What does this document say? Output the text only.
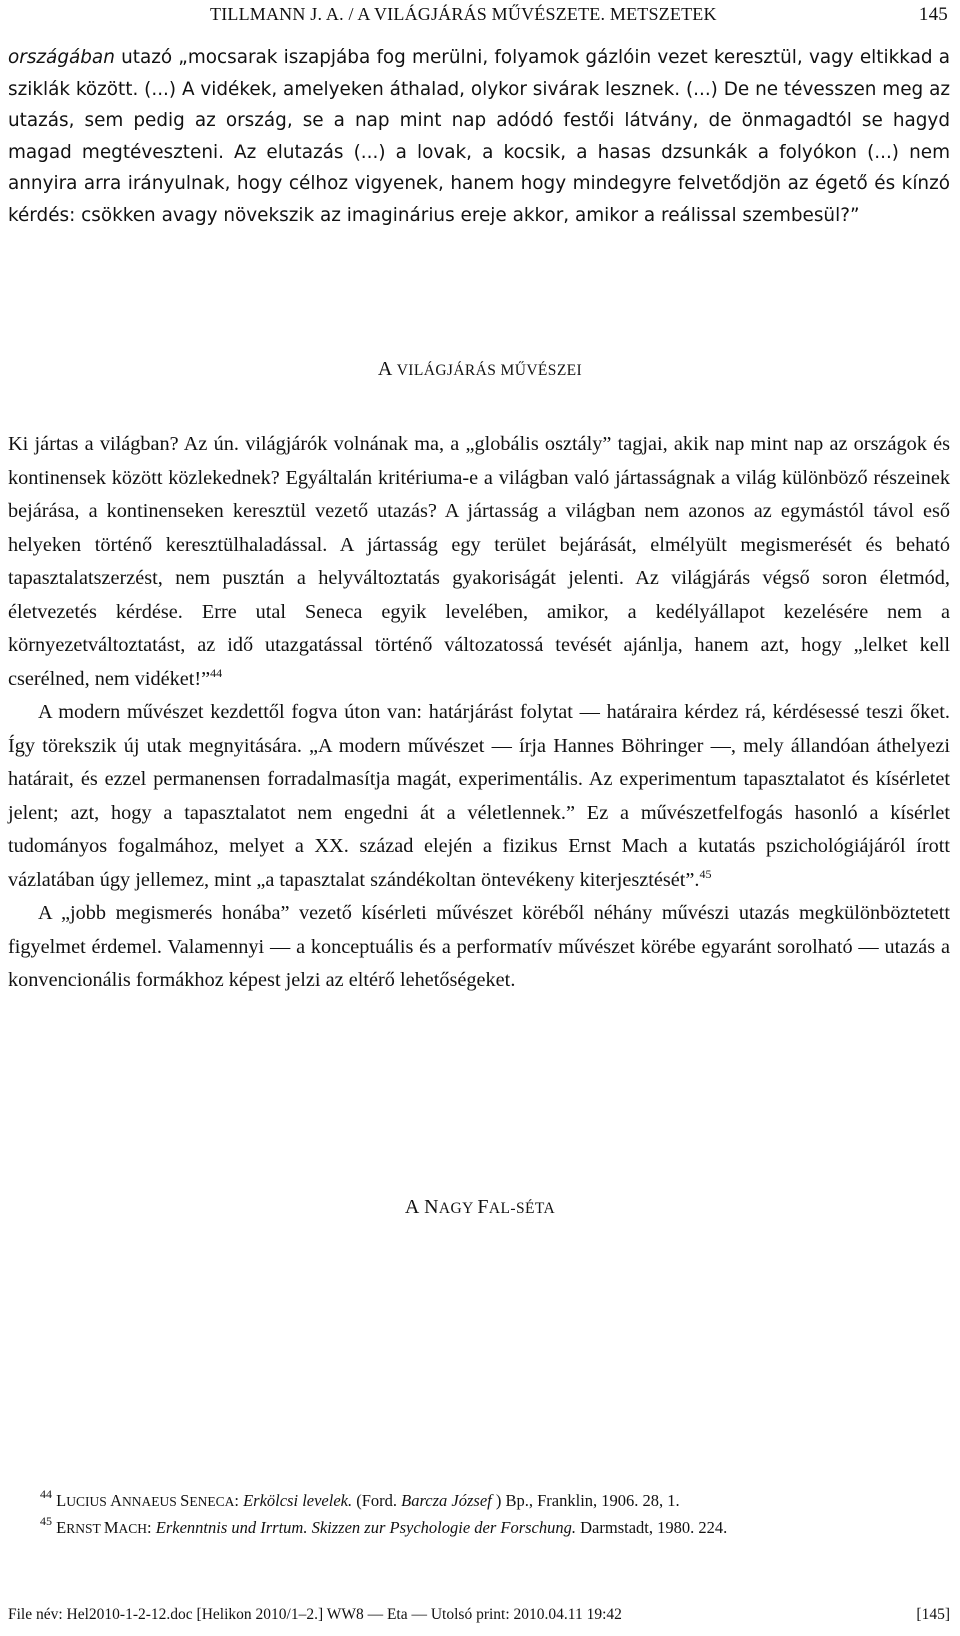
TILLMANN J. A. / A VILÁGJÁRÁS MŰVÉSZETE. METSZETEK	145
országában utazó „mocsarak iszapjába fog merülni, folyamok gázlóin vezet keresztül, vagy eltikkad a sziklák között. (...) A vidékek, amelyeken áthalad, olykor sivárak lesznek. (...) De ne tévesszen meg az utazás, sem pedig az ország, se a nap mint nap adódó festői látvány, de önmagadtól se hagyd magad megtéveszteni. Az elutazás (...) a lovak, a kocsik, a hasas dzsunkák a folyókon (...) nem annyira arra irányulnak, hogy célhoz vigyenek, hanem hogy mindegyre felvetődjön az égető és kínzó kérdés: csökken avagy növekszik az imaginárius ereje akkor, amikor a reálissal szembesül?”
A VILÁGJÁRÁS MŰVÉSZEI

Ki jártas a világban? Az ún. világjárók volnának ma, a „globális osztály” tagjai, akik nap mint nap az országok és kontinensek között közlekednek? Egyáltalán kritériuma-e a világban való jártasságnak a világ különböző részeinek bejárása, a kontinenseken keresztül vezető utazás? A jártasság a világban nem azonos az egymástól távol eső helyeken történő keresztülhaladással. A jártasság egy terület bejárását, elmélyült megismerését és beható tapasztalatszerzést, nem pusztán a helyváltoztatás gyakoriságát jelenti. Az világjárás végső soron életmód, életvezetés kérdése. Erre utal Seneca egyik levelében, amikor, a kedélyállapot kezelésére nem a környezetváltoztatást, az idő utazgatással történő változatossá tevését ajánlja, hanem azt, hogy „lelket kell cserélned, nem vidéket!”$^{44}$

A modern művészet kezdettől fogva úton van: határjárást folytat — határaira kérdez rá, kérdésessé teszi őket. Így törekszik új utak megnyitására. „A modern művészet — írja Hannes Böhringer —, mely állandóan áthelyezi határait, és ezzel permanensen forradalmasítja magát, experimentális. Az experimentum tapasztalatot és kísérletet jelent; azt, hogy a tapasztalatot nem engedni át a véletlennek.” Ez a művészetfelfogás hasonló a kísérlet tudományos fogalmához, melyet a XX. század elején a fizikus Ernst Mach a kutatás pszichológiájáról írott vázlatában úgy jellemez, mint „a tapasztalat szándékoltan öntevékeny kiterjesztését”.$^{45}$

A „jobb megismerés honába” vezető kísérleti művészet köréből néhány művészi utazás megkülönböztetett figyelmet érdemel. Valamennyi — a konceptuális és a performatív művészet körébe egyaránt sorolható — utazás a konvencionális formákhoz képest jelzi az eltérő lehetőségeket.

A NAGY FAL-SÉTA
$^{44}$ LUCIUS ANNAEUS SENECA: Erkölcsi levelek. (Ford. Barcza József ) Bp., Franklin, 1906. 28, 1.
$^{45}$ ERNST MACH: Erkenntnis und Irrtum. Skizzen zur Psychologie der Forschung. Darmstadt, 1980. 224.
File név: Hel2010-1-2-12.doc [Helikon 2010/1–2.] WW8 — Eta — Utolsó print: 2010.04.11 19:42	[145]
